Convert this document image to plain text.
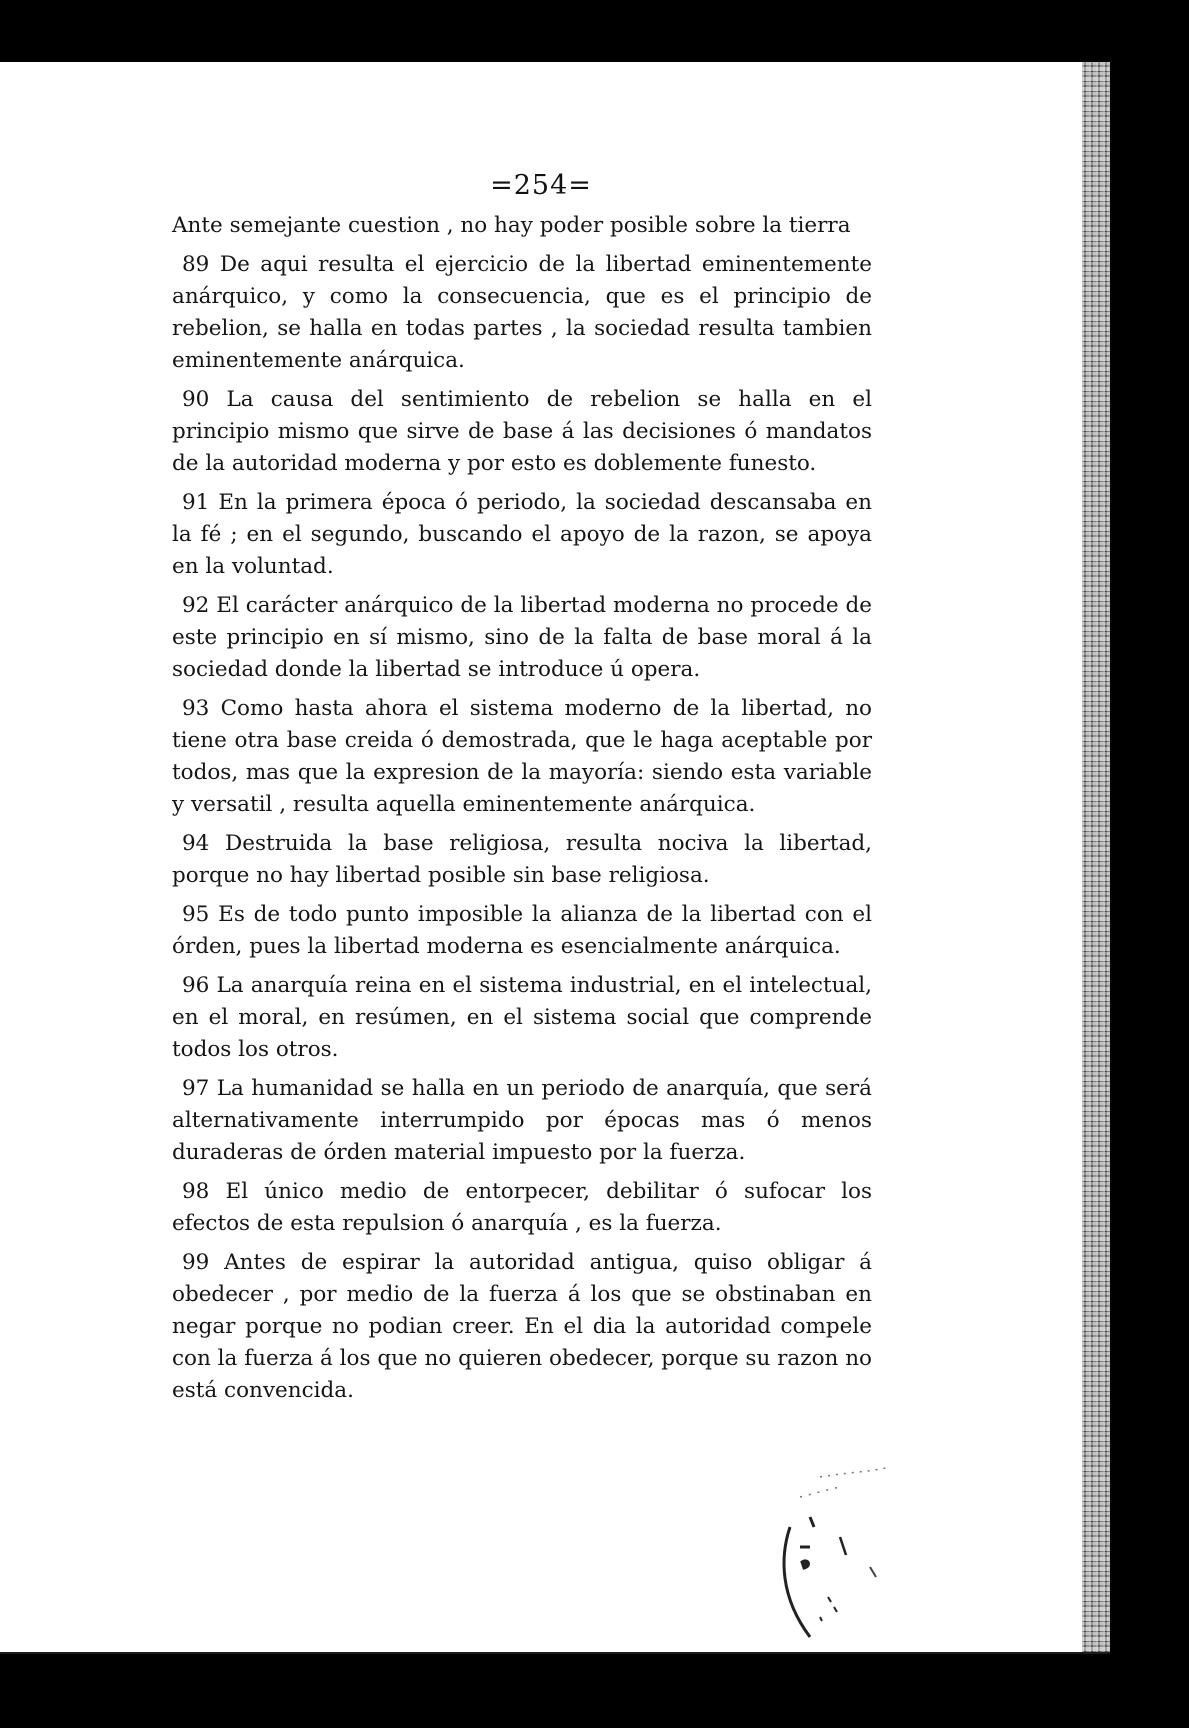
=254=

Ante semejante cuestion , no hay poder posible sobre la tierra

89 De aqui resulta el ejercicio de la libertad eminentemente anárquico, y como la consecuencia, que es el principio de rebelion, se halla en todas partes , la sociedad resulta tambien eminentemente anárquica.

90 La causa del sentimiento de rebelion se halla en el principio mismo que sirve de base á las decisiones ó mandatos de la autoridad moderna y por esto es doblemente funesto.

91 En la primera época ó periodo, la sociedad descansaba en la fé ; en el segundo, buscando el apoyo de la razon, se apoya en la voluntad.

92 El carácter anárquico de la libertad moderna no procede de este principio en sí mismo, sino de la falta de base moral á la sociedad donde la libertad se introduce ú opera.

93 Como hasta ahora el sistema moderno de la libertad, no tiene otra base creida ó demostrada, que le haga aceptable por todos, mas que la expresion de la mayoría: siendo esta variable y versatil , resulta aquella eminentemente anárquica.

94 Destruida la base religiosa, resulta nociva la libertad, porque no hay libertad posible sin base religiosa.

95 Es de todo punto imposible la alianza de la libertad con el órden, pues la libertad moderna es esencialmente anárquica.

96 La anarquía reina en el sistema industrial, en el intelectual, en el moral, en resúmen, en el sistema social que comprende todos los otros.

97 La humanidad se halla en un periodo de anarquía, que será alternativamente interrumpido por épocas mas ó menos duraderas de órden material impuesto por la fuerza.

98 El único medio de entorpecer, debilitar ó sufocar los efectos de esta repulsion ó anarquía , es la fuerza.

99 Antes de espirar la autoridad antigua, quiso obligar á obedecer , por medio de la fuerza á los que se obstinaban en negar porque no podian creer. En el dia la autoridad compele con la fuerza á los que no quieren obedecer, porque su razon no está convencida.
